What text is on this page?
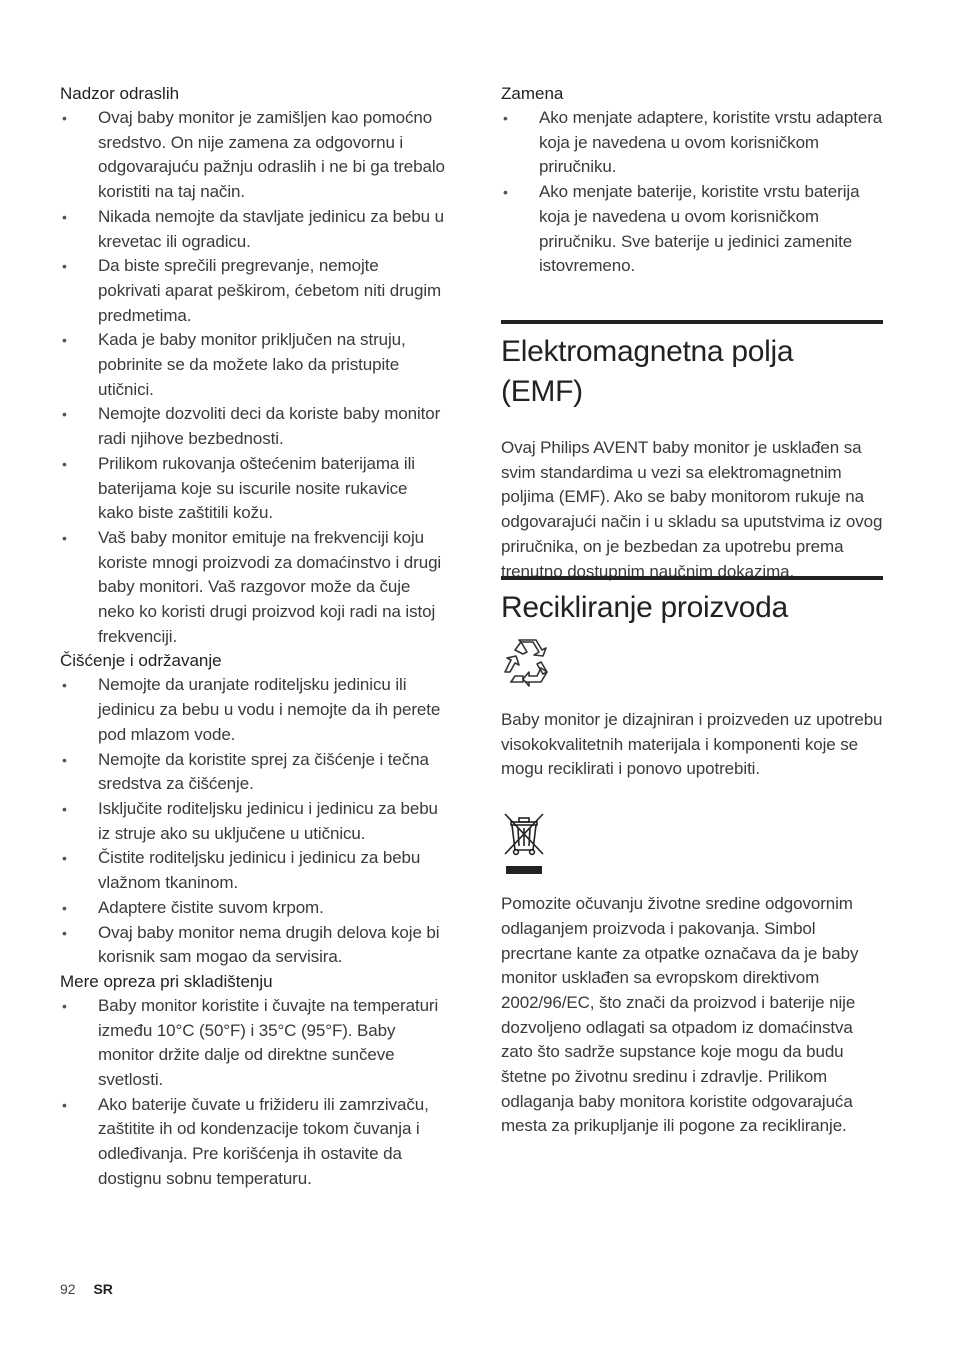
Nadzor odraslih

• Ovaj baby monitor je zamišljen kao pomoćno sredstvo. On nije zamena za odgovornu i odgovarajuću pažnju odraslih i ne bi ga trebalo koristiti na taj način.
• Nikada nemojte da stavljate jedinicu za bebu u krevetac ili ogradicu.
• Da biste sprečili pregrevanje, nemojte pokrivati aparat peškirom, ćebetom niti drugim predmetima.
• Kada je baby monitor priključen na struju, pobrinite se da možete lako da pristupite utičnici.
• Nemojte dozvoliti deci da koriste baby monitor radi njihove bezbednosti.
• Prilikom rukovanja oštećenim baterijama ili baterijama koje su iscurile nosite rukavice kako biste zaštitili kožu.
• Vaš baby monitor emituje na frekvenciji koju koriste mnogi proizvodi za domaćinstvo i drugi baby monitori. Vaš razgovor može da čuje neko ko koristi drugi proizvod koji radi na istoj frekvenciji.

Čišćenje i održavanje

• Nemojte da uranjate roditeljsku jedinicu ili jedinicu za bebu u vodu i nemojte da ih perete pod mlazom vode.
• Nemojte da koristite sprej za čišćenje i tečna sredstva za čišćenje.
• Isključite roditeljsku jedinicu i jedinicu za bebu iz struje ako su uključene u utičnicu.
• Čistite roditeljsku jedinicu i jedinicu za bebu vlažnom tkaninom.
• Adaptere čistite suvom krpom.
• Ovaj baby monitor nema drugih delova koje bi korisnik sam mogao da servisira.

Mere opreza pri skladištenju

• Baby monitor koristite i čuvajte na temperaturi između 10°C (50°F) i 35°C (95°F). Baby monitor držite dalje od direktne sunčeve svetlosti.
• Ako baterije čuvate u frižideru ili zamrzivaču, zaštitite ih od kondenzacije tokom čuvanja i odleđivanja. Pre korišćenja ih ostavite da dostignu sobnu temperaturu.

Zamena

• Ako menjate adaptere, koristite vrstu adaptera koja je navedena u ovom korisničkom priručniku.
• Ako menjate baterije, koristite vrstu baterija koja je navedena u ovom korisničkom priručniku. Sve baterije u jedinici zamenite istovremeno.
Elektromagnetna polja (EMF)

Ovaj Philips AVENT baby monitor je usklađen sa svim standardima u vezi sa elektromagnetnim poljima (EMF). Ako se baby monitorom rukuje na odgovarajući način i u skladu sa uputstvima iz ovog priručnika, on je bezbedan za upotrebu prema trenutno dostupnim naučnim dokazima.

Recikliranje proizvoda

Baby monitor je dizajniran i proizveden uz upotrebu visokokvalitetnih materijala i komponenti koje se mogu reciklirati i ponovo upotrebiti.

Pomozite očuvanju životne sredine odgovornim odlaganjem proizvoda i pakovanja. Simbol precrtane kante za otpatke označava da je baby monitor usklađen sa evropskom direktivom 2002/96/EC, što znači da proizvod i baterije nije dozvoljeno odlagati sa otpadom iz domaćinstva zato što sadrže supstance koje mogu da budu štetne po životnu sredinu i zdravlje. Prilikom odlaganja baby monitora koristite odgovarajuća mesta za prikupljanje ili pogone za recikliranje.

92 SR
